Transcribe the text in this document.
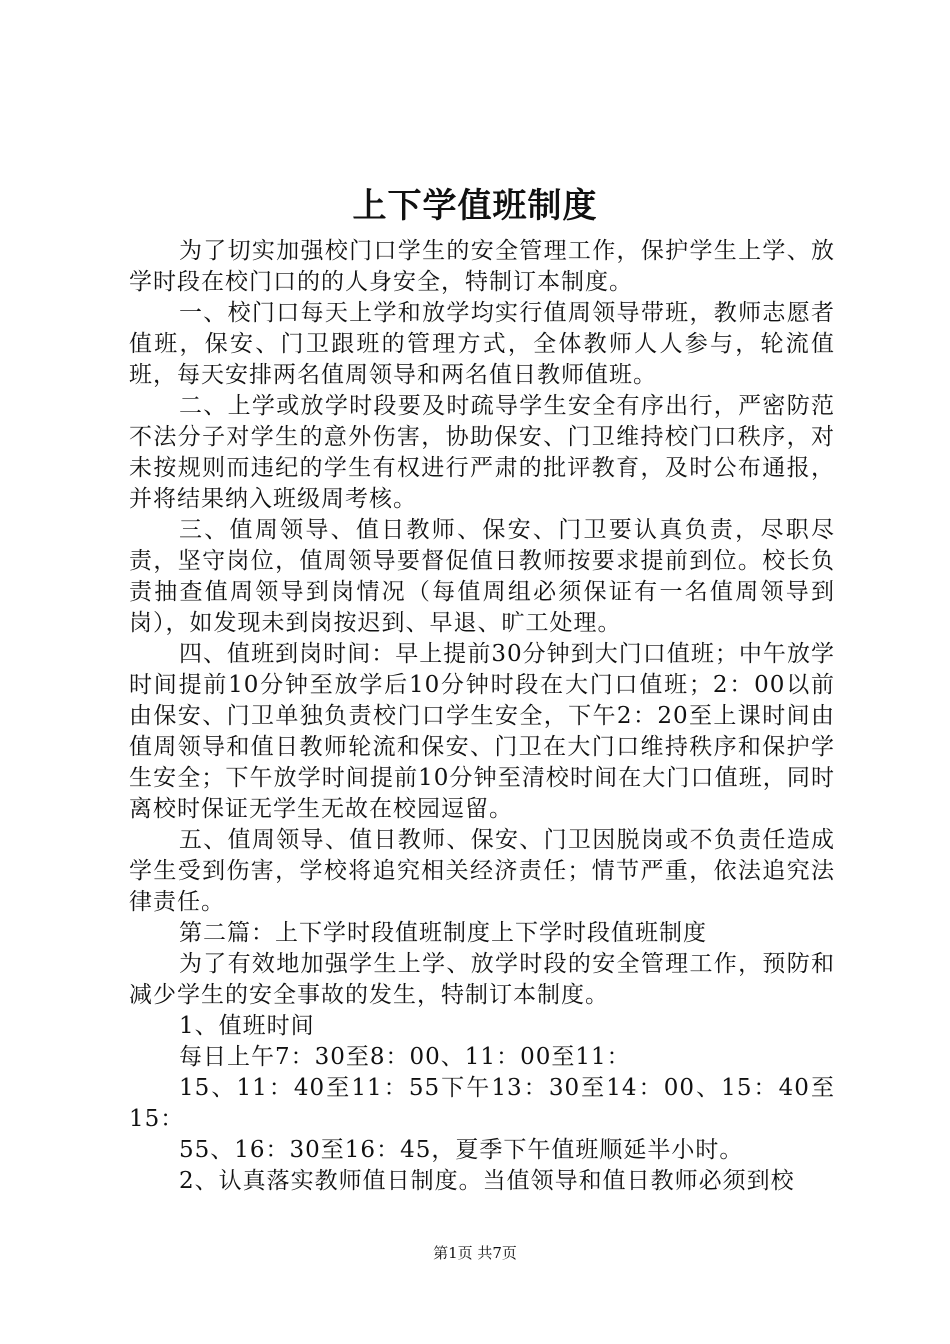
上下学值班制度

为了切实加强校门口学生的安全管理工作，保护学生上学、放学时段在校门口的的人身安全，特制订本制度。

一、校门口每天上学和放学均实行值周领导带班，教师志愿者值班，保安、门卫跟班的管理方式，全体教师人人参与，轮流值班，每天安排两名值周领导和两名值日教师值班。

二、上学或放学时段要及时疏导学生安全有序出行，严密防范不法分子对学生的意外伤害，协助保安、门卫维持校门口秩序，对未按规则而违纪的学生有权进行严肃的批评教育，及时公布通报，并将结果纳入班级周考核。

三、值周领导、值日教师、保安、门卫要认真负责，尽职尽责，坚守岗位，值周领导要督促值日教师按要求提前到位。校长负责抽查值周领导到岗情况（每值周组必须保证有一名值周领导到岗），如发现未到岗按迟到、早退、旷工处理。

四、值班到岗时间：早上提前30分钟到大门口值班；中午放学时间提前10分钟至放学后10分钟时段在大门口值班；2：00以前由保安、门卫单独负责校门口学生安全，下午2：20至上课时间由值周领导和值日教师轮流和保安、门卫在大门口维持秩序和保护学生安全；下午放学时间提前10分钟至清校时间在大门口值班，同时离校时保证无学生无故在校园逗留。

五、值周领导、值日教师、保安、门卫因脱岗或不负责任造成学生受到伤害，学校将追究相关经济责任；情节严重，依法追究法律责任。

第二篇：上下学时段值班制度上下学时段值班制度

为了有效地加强学生上学、放学时段的安全管理工作，预防和减少学生的安全事故的发生，特制订本制度。

1、值班时间

每日上午7：30至8：00、11：00至11：

15、11：40至11：55下午13：30至14：00、15：40至15：

55、16：30至16：45，夏季下午值班顺延半小时。

2、认真落实教师值日制度。当值领导和值日教师必须到校

第1页 共7页
